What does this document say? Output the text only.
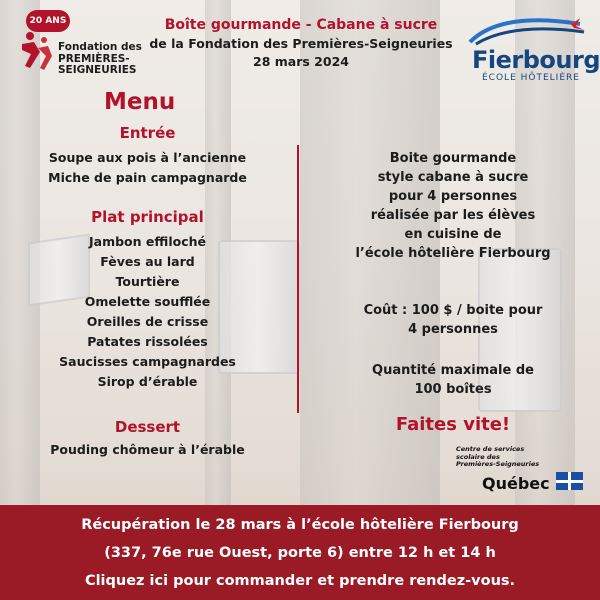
20 ANS
Fondation des
PREMIÈRES-
SEIGNEURIES
Boîte gourmande - Cabane à sucre
de la Fondation des Premières-Seigneuries
28 mars 2024	Fierbourg
ÉCOLE HÔTELIÈRE
Menu
Entrée
Soupe aux pois à l’ancienne
Miche de pain campagnarde
Plat principal
Jambon effiloché
Fèves au lard
Tourtière
Omelette soufflée
Oreilles de crisse
Patates rissolées
Saucisses campagnardes
Sirop d’érable
Dessert
Pouding chômeur à l’érable
Boite gourmande
style cabane à sucre
pour 4 personnes
réalisée par les élèves
en cuisine de
l’école hôtelière Fierbourg
Coût : 100 $ / boite pour
4 personnes
Quantité maximale de
100 boîtes
Faites vite!
Centre de services
scolaire des
Premières-Seigneuries
Québec
Récupération le 28 mars à l’école hôtelière Fierbourg
(337, 76e rue Ouest, porte 6) entre 12 h et 14 h
Cliquez ici pour commander et prendre rendez-vous.
